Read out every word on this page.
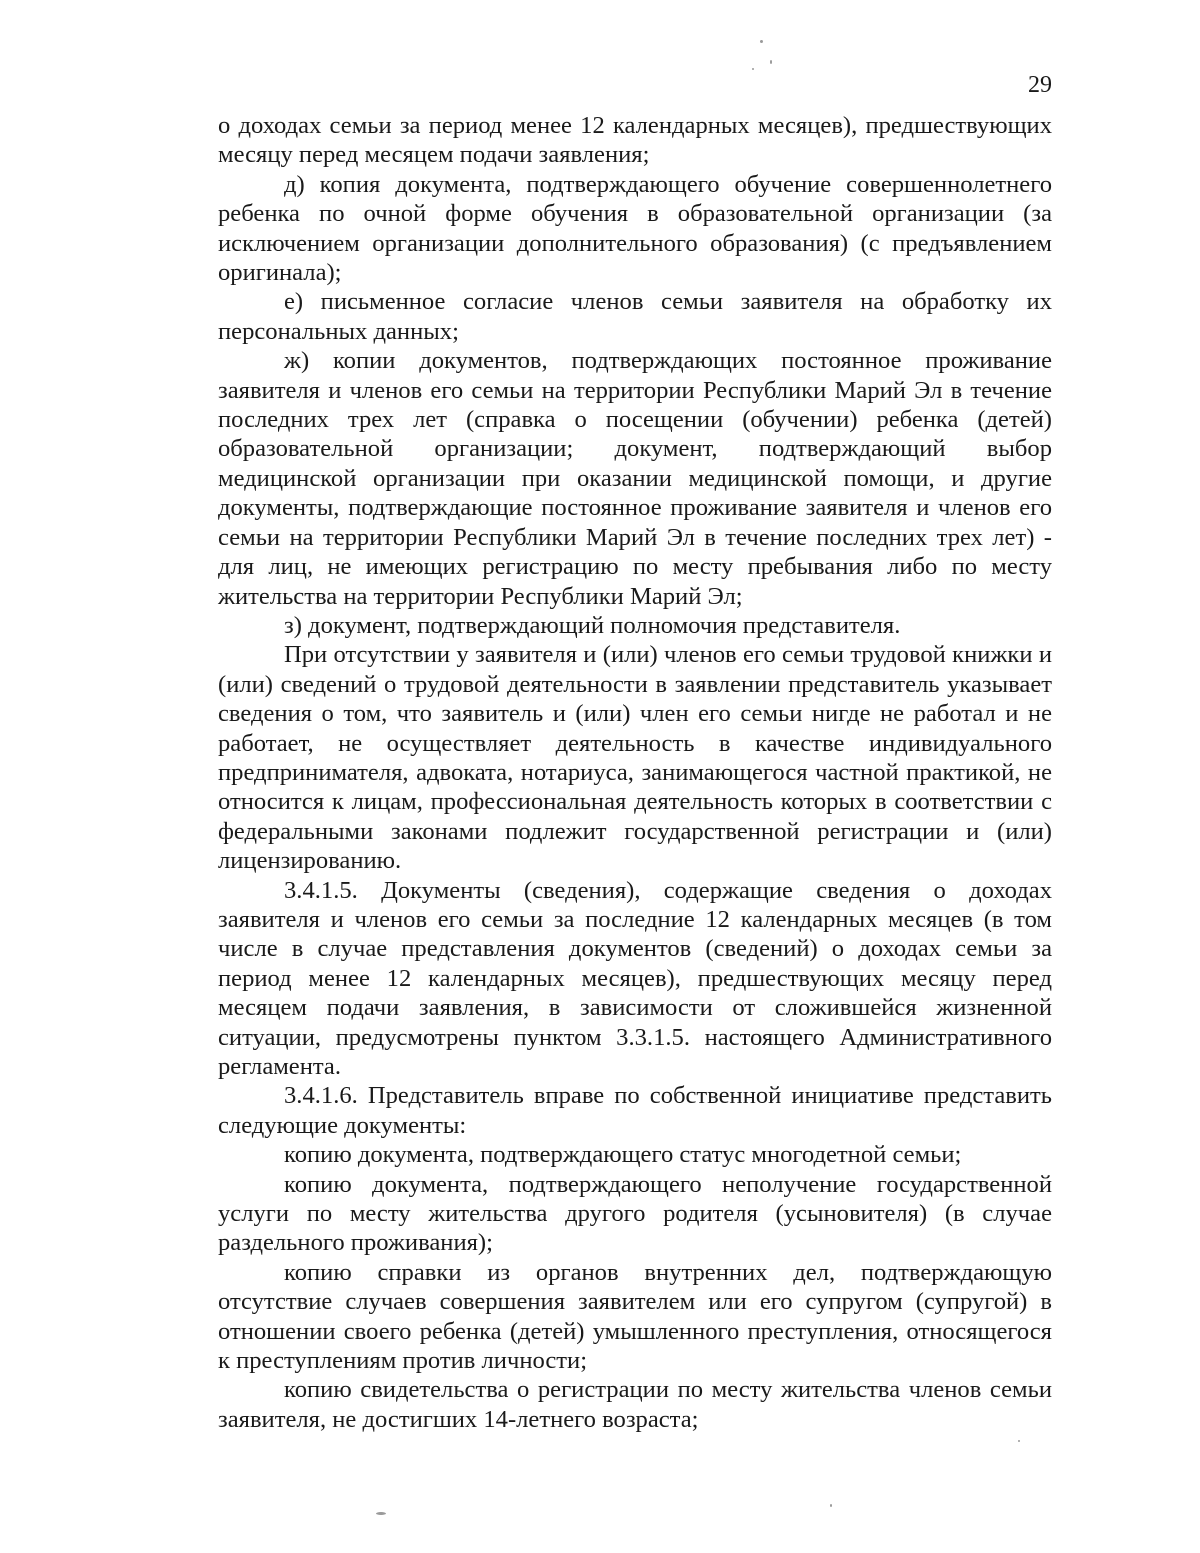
29

о доходах семьи за период менее 12 календарных месяцев), предшествующих месяцу перед месяцем подачи заявления;

д) копия документа, подтверждающего обучение совершеннолетнего ребенка по очной форме обучения в образовательной организации (за исключением организации дополнительного образования) (с предъявлением оригинала);

е) письменное согласие членов семьи заявителя на обработку их персональных данных;

ж) копии документов, подтверждающих постоянное проживание заявителя и членов его семьи на территории Республики Марий Эл в течение последних трех лет (справка о посещении (обучении) ребенка (детей) образовательной организации; документ, подтверждающий выбор медицинской организации при оказании медицинской помощи, и другие документы, подтверждающие постоянное проживание заявителя и членов его семьи на территории Республики Марий Эл в течение последних трех лет) - для лиц, не имеющих регистрацию по месту пребывания либо по месту жительства на территории Республики Марий Эл;

з) документ, подтверждающий полномочия представителя.

При отсутствии у заявителя и (или) членов его семьи трудовой книжки и (или) сведений о трудовой деятельности в заявлении представитель указывает сведения о том, что заявитель и (или) член его семьи нигде не работал и не работает, не осуществляет деятельность в качестве индивидуального предпринимателя, адвоката, нотариуса, занимающегося частной практикой, не относится к лицам, профессиональная деятельность которых в соответствии с федеральными законами подлежит государственной регистрации и (или) лицензированию.

3.4.1.5. Документы (сведения), содержащие сведения о доходах заявителя и членов его семьи за последние 12 календарных месяцев (в том числе в случае представления документов (сведений) о доходах семьи за период менее 12 календарных месяцев), предшествующих месяцу перед месяцем подачи заявления, в зависимости от сложившейся жизненной ситуации, предусмотрены пунктом 3.3.1.5. настоящего Административного регламента.

3.4.1.6. Представитель вправе по собственной инициативе представить следующие документы:

копию документа, подтверждающего статус многодетной семьи;

копию документа, подтверждающего неполучение государственной услуги по месту жительства другого родителя (усыновителя) (в случае раздельного проживания);

копию справки из органов внутренних дел, подтверждающую отсутствие случаев совершения заявителем или его супругом (супругой) в отношении своего ребенка (детей) умышленного преступления, относящегося к преступлениям против личности;

копию свидетельства о регистрации по месту жительства членов семьи заявителя, не достигших 14-летнего возраста;
